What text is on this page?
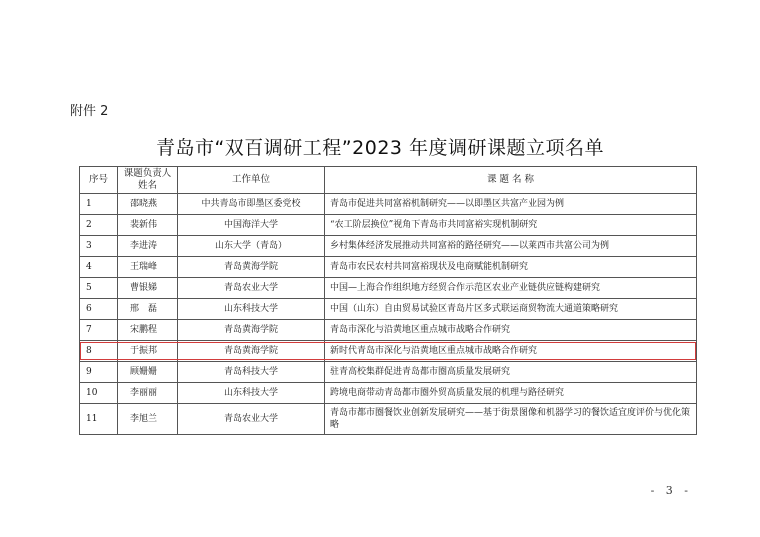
附件 2
青岛市“双百调研工程”2023 年度调研课题立项名单
序号	课题负责人姓名	工作单位	课 题 名 称
1	邵晓燕	中共青岛市即墨区委党校	青岛市促进共同富裕机制研究——以即墨区共富产业园为例
2	裴新伟	中国海洋大学	“农工阶层换位”视角下青岛市共同富裕实现机制研究
3	李进涛	山东大学（青岛）	乡村集体经济发展推动共同富裕的路径研究——以莱西市共富公司为例
4	王瑞峰	青岛黄海学院	青岛市农民农村共同富裕现状及电商赋能机制研究
5	曹银娣	青岛农业大学	中国—上海合作组织地方经贸合作示范区农业产业链供应链构建研究
6	邢　磊	山东科技大学	中国（山东）自由贸易试验区青岛片区多式联运商贸物流大通道策略研究
7	宋鹏程	青岛黄海学院	青岛市深化与沿黄地区重点城市战略合作研究
8	于振邦	青岛黄海学院	新时代青岛市深化与沿黄地区重点城市战略合作研究
9	顾姗姗	青岛科技大学	驻青高校集群促进青岛都市圈高质量发展研究
10	李丽丽	山东科技大学	跨境电商带动青岛都市圈外贸高质量发展的机理与路径研究
11	李旭兰	青岛农业大学	青岛市都市圈餐饮业创新发展研究——基于街景图像和机器学习的餐饮适宜度评价与优化策略
- 3 -
